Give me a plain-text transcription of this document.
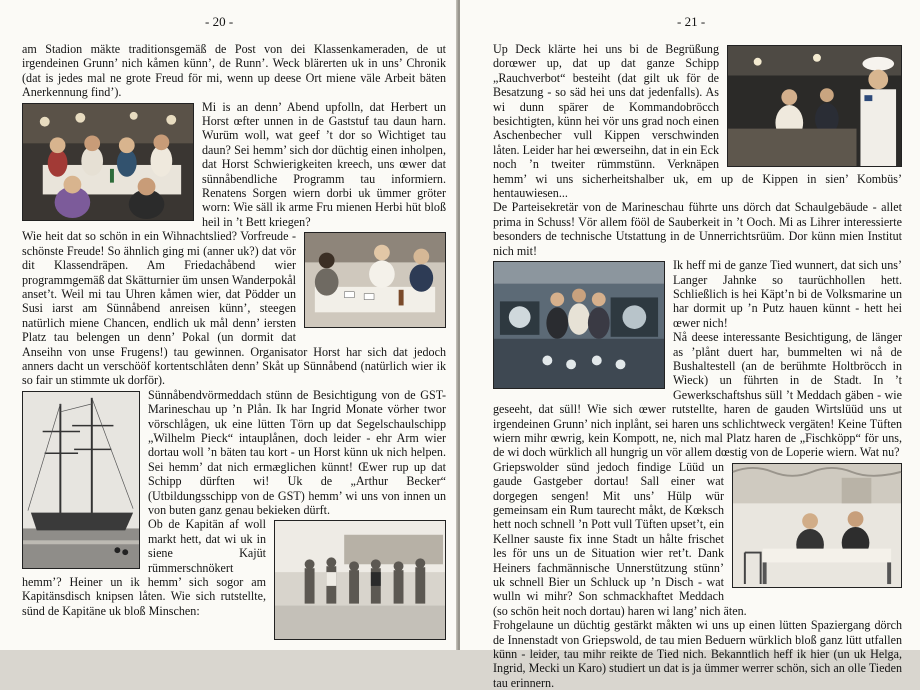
- 20 -

am Stadion mäkte traditionsgemäß de Post von dei Klassenkameraden, de ut irgendeinen Grunn’ nich kåmen künn’, de Runn’. Weck blärerten uk in uns’ Chronik (dat is jedes mal ne grote Freud för mi, wenn up deese Ort miene väle Arbeit bäten Anerkennung find’).

Mi is an denn’ Abend upfolln, dat Herbert un Horst œfter unnen in de Gaststuf tau daun harn. Wurüm woll, wat geef ’t dor so Wichtiget tau daun? Sei hemm’ sich dor düchtig einen inholpen, dat Horst Schwierigkeiten kreech, uns œwer dat sünnåbendliche Programm tau informiern. Renatens Sorgen wiern dorbi uk ümmer gröter worn: Wie säll ik arme Fru mienen Herbi hüt bloß heil in ’t Bett kriegen?

Wie heit dat so schön in ein Wihnachtslied? Vorfreude - schönste Freude! So ähnlich ging mi (anner uk?) dat vör dit Klassendräpen. Am Friedachåbend wier programmgemäß dat Skätturnier üm unsen Wanderpokål anset’t. Weil mi tau Uhren kåmen wier, dat Pödder un Susi iarst am Sünnåbend anreisen künn’, steegen natürlich miene Chancen, endlich uk mål denn’ iersten Platz tau belengen un denn’ Pokal (un dormit dat Anseihn von unse Frugens!) tau gewinnen. Organisator Horst har sich dat jedoch anners dacht un verschööf kortentschlåten denn’ Skåt up Sünnåbend (natürlich wier ik so fair un stimmte uk dorför).

Sünnåbendvörmeddach stünn de Besichtigung von de GST-Marineschau up ’n Plån. Ik har Ingrid Monate vörher twor vörschlågen, uk eine lütten Törn up dat Segelschaulschipp „Wilhelm Pieck“ intauplånen, doch leider - ehr Arm wier dortau woll ’n bäten tau kort - un Horst künn uk nich helpen. Sei hemm’ dat nich ermæglichen künnt! Œwer rup up dat Schipp dürften wi! Uk de „Arthur Becker“ (Utbildungsschipp von de GST) hemm’ wi uns von innen un von buten ganz genau bekieken dürft.

Ob de Kapitän af woll markt hett, dat wi uk in siene Kajüt rümmerschnökert hemm’? Heiner un ik hemm’ sich sogor am Kapitänsdisch knipsen låten. Wie sich rutstellte, sünd de Kapitäne uk bloß Minschen:

- 21 -

Up Deck klärte hei uns bi de Begrüßung dorœwer up, dat up dat ganze Schipp „Rauchverbot“ besteiht (dat gilt uk för de Besatzung - so säd hei uns dat jedenfalls). As wi dunn spärer de Kommandobröcch besichtigten, künn hei vör uns grad noch einen Aschenbecher vull Kippen verschwinden låten. Leider har hei œwerseihn, dat in ein Eck noch ’n tweiter rümmstünn. Verknäpen hemm’ wi uns sicherheitshalber uk, em up de Kippen in sien’ Kombüs’ hentauwiesen...

De Parteisekretär von de Marineschau führte uns dörch dat Schaulgebäude - allet prima in Schuss! Vör allem fööl de Sauberkeit in ’t Ooch. Mi as Lihrer interessierte besonders de technische Utstattung in de Unnerrichtsrüüm. Dor künn mien Institut nich mit!

Ik heff mi de ganze Tied wunnert, dat sich uns’ Langer Jahnke so taurüchhollen hett. Schließlich is hei Käpt’n bi de Volksmarine un har dormit up ’n Putz hauen künnt - hett hei œwer nich!

Nå deese interessante Besichtigung, de länger as ’plånt duert har, bummelten wi nå de Bushaltestell (an de berühmte Holtbröcch in Wieck) un führten in de Stadt. In ’t Gewerkschaftshus süll ’t Meddach gäben - wie geseeht, dat süll! Wie sich œwer rutstellte, haren de gauden Wirtslüüd uns ut irgendeinen Grunn’ nich inplånt, sei haren uns schlichtweck vergäten! Keine Tüften wiern mihr œwrig, kein Kompott, ne, nich mal Platz haren de „Fischköpp“ för uns, de wi doch würklich all hungrig un vör allem dœstig von de Loperie wiern. Wat nu?

Griepswolder sünd jedoch findige Lüüd un gaude Gastgeber dortau! Sall einer wat dorgegen sengen! Mit uns’ Hülp wür gemeinsam ein Rum taurecht måkt, de Kœksch hett noch schnell ’n Pott vull Tüften upset’t, ein Kellner sauste fix inne Stadt un hålte frischet les för uns un de Situation wier ret’t. Dank Heiners fachmännische Unnerstützung stünn’ uk schnell Bier un Schluck up ’n Disch - wat wulln wi mihr? Son schmackhaftet Meddach (so schön heit noch dortau) haren wi lang’ nich äten.

Frohgelaune un düchtig gestärkt måkten wi uns up einen lütten Spaziergang dörch de Innenstadt von Griepswold, de tau mien Beduern würklich bloß ganz lütt utfallen künn - leider, tau mihr reikte de Tied nich. Bekanntlich heff ik hier (un uk Helga, Ingrid, Mecki un Karo) studiert un dat is ja ümmer werrer schön, sich an olle Tieden tau erinnern.
